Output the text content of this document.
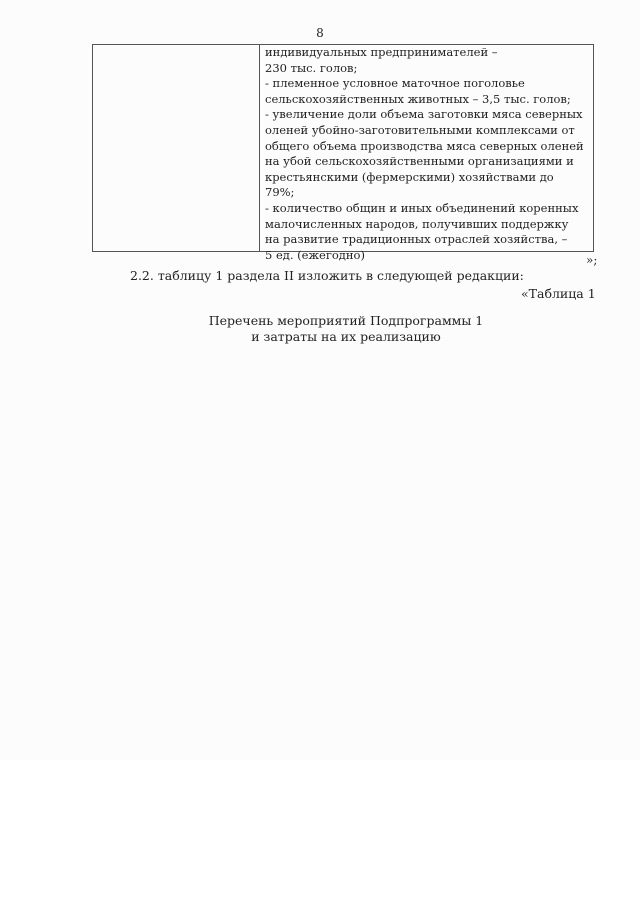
8
индивидуальных предпринимателей –
230 тыс. голов;
- племенное условное маточное поголовье
сельскохозяйственных животных – 3,5 тыс. голов;
- увеличение доли объема заготовки мяса северных
оленей убойно-заготовительными комплексами от
общего объема производства мяса северных оленей
на убой сельскохозяйственными организациями и
крестьянскими (фермерскими) хозяйствами до
79%;
- количество общин и иных объединений коренных
малочисленных народов, получивших поддержку
на развитие традиционных отраслей хозяйства, –
5 ед. (ежегодно)	»;
2.2. таблицу 1 раздела II изложить в следующей редакции:
«Таблица 1
Перечень мероприятий Подпрограммы 1
и затраты на их реализацию
